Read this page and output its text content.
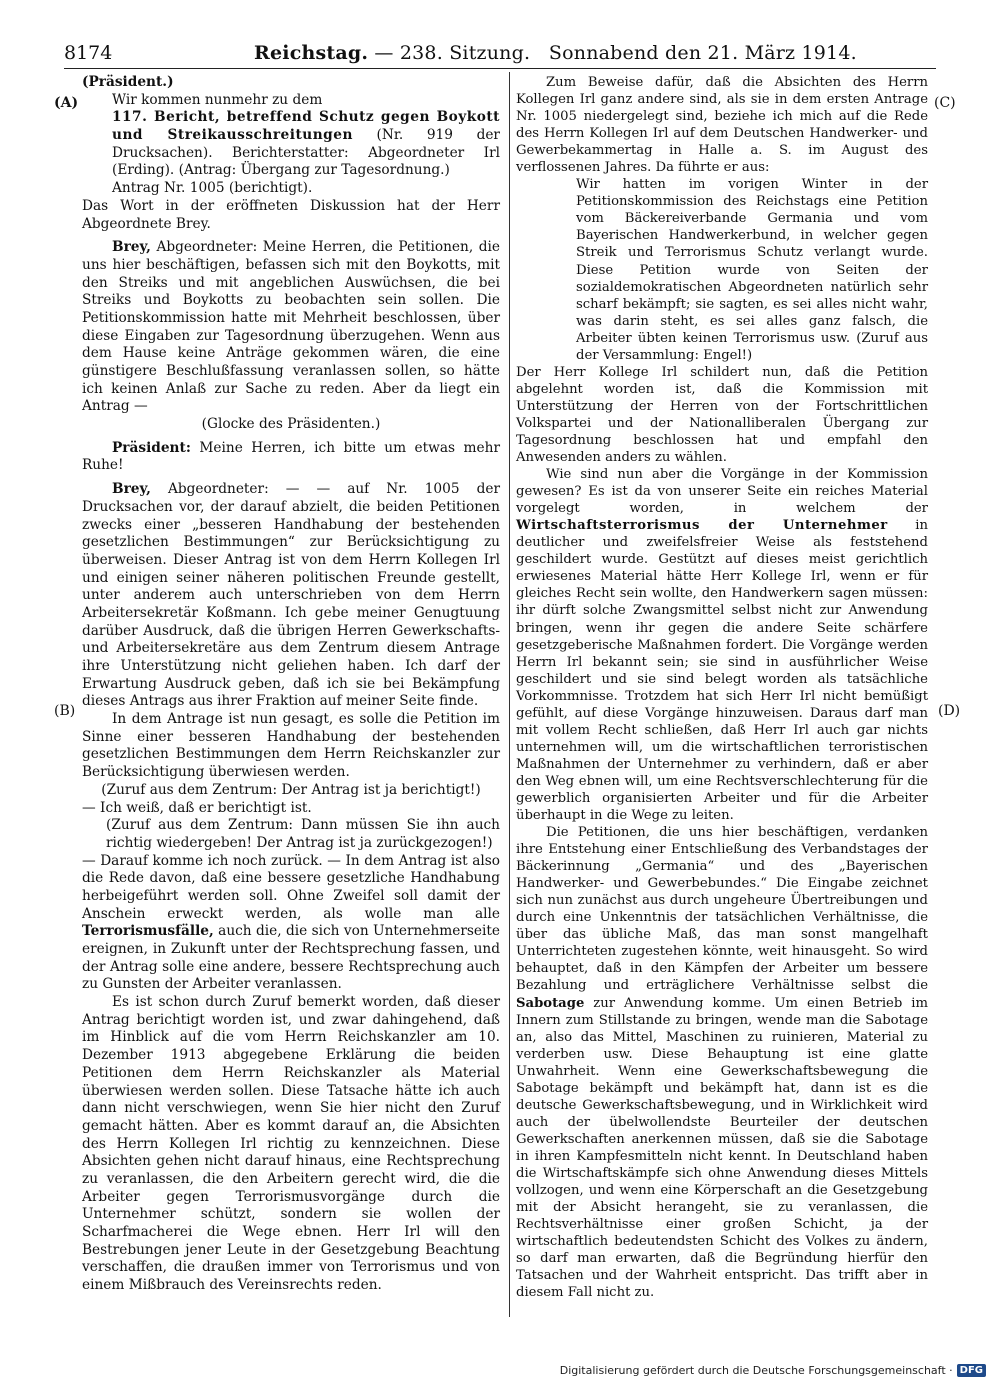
8174	Reichstag. — 238. Sitzung.   Sonnabend den 21. März 1914.
(A)
(B)
(C)
(D)

(Präsident.)

Wir kommen nunmehr zu dem

117. Bericht, betreffend Schutz gegen Boykott und Streikausschreitungen (Nr. 919 der Drucksachen). Berichterstatter: Abgeordneter Irl (Erding). (Antrag: Übergang zur Tagesordnung.)

Antrag Nr. 1005 (berichtigt).

Das Wort in der eröffneten Diskussion hat der Herr Abgeordnete Brey.

Brey, Abgeordneter: Meine Herren, die Petitionen, die uns hier beschäftigen, befassen sich mit den Boykotts, mit den Streiks und mit angeblichen Auswüchsen, die bei Streiks und Boykotts zu beobachten sein sollen. Die Petitionskommission hatte mit Mehrheit beschlossen, über diese Eingaben zur Tagesordnung überzugehen. Wenn aus dem Hause keine Anträge gekommen wären, die eine günstigere Beschlußfassung veranlassen sollen, so hätte ich keinen Anlaß zur Sache zu reden. Aber da liegt ein Antrag —

(Glocke des Präsidenten.)

Präsident: Meine Herren, ich bitte um etwas mehr Ruhe!

Brey, Abgeordneter: — — auf Nr. 1005 der Drucksachen vor, der darauf abzielt, die beiden Petitionen zwecks einer „besseren Handhabung der bestehenden gesetzlichen Bestimmungen“ zur Berücksichtigung zu überweisen. Dieser Antrag ist von dem Herrn Kollegen Irl und einigen seiner näheren politischen Freunde gestellt, unter anderem auch unterschrieben von dem Herrn Arbeitersekretär Koßmann. Ich gebe meiner Genugtuung darüber Ausdruck, daß die übrigen Herren Gewerkschafts- und Arbeitersekretäre aus dem Zentrum diesem Antrage ihre Unterstützung nicht geliehen haben. Ich darf der Erwartung Ausdruck geben, daß ich sie bei Bekämpfung dieses Antrags aus ihrer Fraktion auf meiner Seite finde.

In dem Antrage ist nun gesagt, es solle die Petition im Sinne einer besseren Handhabung der bestehenden gesetzlichen Bestimmungen dem Herrn Reichskanzler zur Berücksichtigung überwiesen werden.

(Zuruf aus dem Zentrum: Der Antrag ist ja berichtigt!)

— Ich weiß, daß er berichtigt ist.

(Zuruf aus dem Zentrum: Dann müssen Sie ihn auch richtig wiedergeben! Der Antrag ist ja zurückgezogen!)

— Darauf komme ich noch zurück. — In dem Antrag ist also die Rede davon, daß eine bessere gesetzliche Handhabung herbeigeführt werden soll. Ohne Zweifel soll damit der Anschein erweckt werden, als wolle man alle Terrorismusfälle, auch die, die sich von Unternehmerseite ereignen, in Zukunft unter der Rechtsprechung fassen, und der Antrag solle eine andere, bessere Rechtsprechung auch zu Gunsten der Arbeiter veranlassen.

Es ist schon durch Zuruf bemerkt worden, daß dieser Antrag berichtigt worden ist, und zwar dahingehend, daß im Hinblick auf die vom Herrn Reichskanzler am 10. Dezember 1913 abgegebene Erklärung die beiden Petitionen dem Herrn Reichskanzler als Material überwiesen werden sollen. Diese Tatsache hätte ich auch dann nicht verschwiegen, wenn Sie hier nicht den Zuruf gemacht hätten. Aber es kommt darauf an, die Absichten des Herrn Kollegen Irl richtig zu kennzeichnen. Diese Absichten gehen nicht darauf hinaus, eine Rechtsprechung zu veranlassen, die den Arbeitern gerecht wird, die die Arbeiter gegen Terrorismusvorgänge durch die Unternehmer schützt, sondern sie wollen der Scharfmacherei die Wege ebnen. Herr Irl will den Bestrebungen jener Leute in der Gesetzgebung Beachtung verschaffen, die draußen immer von Terrorismus und von einem Mißbrauch des Vereinsrechts reden.

Zum Beweise dafür, daß die Absichten des Herrn Kollegen Irl ganz andere sind, als sie in dem ersten Antrage Nr. 1005 niedergelegt sind, beziehe ich mich auf die Rede des Herrn Kollegen Irl auf dem Deutschen Handwerker- und Gewerbekammertag in Halle a. S. im August des verflossenen Jahres. Da führte er aus:

Wir hatten im vorigen Winter in der Petitionskommission des Reichstags eine Petition vom Bäckereiverbande Germania und vom Bayerischen Handwerkerbund, in welcher gegen Streik und Terrorismus Schutz verlangt wurde. Diese Petition wurde von Seiten der sozialdemokratischen Abgeordneten natürlich sehr scharf bekämpft; sie sagten, es sei alles nicht wahr, was darin steht, es sei alles ganz falsch, die Arbeiter übten keinen Terrorismus usw. (Zuruf aus der Versammlung: Engel!)

Der Herr Kollege Irl schildert nun, daß die Petition abgelehnt worden ist, daß die Kommission mit Unterstützung der Herren von der Fortschrittlichen Volkspartei und der Nationalliberalen Übergang zur Tagesordnung beschlossen hat und empfahl den Anwesenden anders zu wählen.

Wie sind nun aber die Vorgänge in der Kommission gewesen? Es ist da von unserer Seite ein reiches Material vorgelegt worden, in welchem der Wirtschaftsterrorismus der Unternehmer in deutlicher und zweifelsfreier Weise als feststehend geschildert wurde. Gestützt auf dieses meist gerichtlich erwiesenes Material hätte Herr Kollege Irl, wenn er für gleiches Recht sein wollte, den Handwerkern sagen müssen: ihr dürft solche Zwangsmittel selbst nicht zur Anwendung bringen, wenn ihr gegen die andere Seite schärfere gesetzgeberische Maßnahmen fordert. Die Vorgänge werden Herrn Irl bekannt sein; sie sind in ausführlicher Weise geschildert und sie sind belegt worden als tatsächliche Vorkommnisse. Trotzdem hat sich Herr Irl nicht bemüßigt gefühlt, auf diese Vorgänge hinzuweisen. Daraus darf man mit vollem Recht schließen, daß Herr Irl auch gar nichts unternehmen will, um die wirtschaftlichen terroristischen Maßnahmen der Unternehmer zu verhindern, daß er aber den Weg ebnen will, um eine Rechtsverschlechterung für die gewerblich organisierten Arbeiter und für die Arbeiter überhaupt in die Wege zu leiten.

Die Petitionen, die uns hier beschäftigen, verdanken ihre Entstehung einer Entschließung des Verbandstages der Bäckerinnung „Germania“ und des „Bayerischen Handwerker- und Gewerbebundes.“ Die Eingabe zeichnet sich nun zunächst aus durch ungeheure Übertreibungen und durch eine Unkenntnis der tatsächlichen Verhältnisse, die über das übliche Maß, das man sonst mangelhaft Unterrichteten zugestehen könnte, weit hinausgeht. So wird behauptet, daß in den Kämpfen der Arbeiter um bessere Bezahlung und erträglichere Verhältnisse selbst die Sabotage zur Anwendung komme. Um einen Betrieb im Innern zum Stillstande zu bringen, wende man die Sabotage an, also das Mittel, Maschinen zu ruinieren, Material zu verderben usw. Diese Behauptung ist eine glatte Unwahrheit. Wenn eine Gewerkschaftsbewegung die Sabotage bekämpft und bekämpft hat, dann ist es die deutsche Gewerkschaftsbewegung, und in Wirklichkeit wird auch der übelwollendste Beurteiler der deutschen Gewerkschaften anerkennen müssen, daß sie die Sabotage in ihren Kampfesmitteln nicht kennt. In Deutschland haben die Wirtschaftskämpfe sich ohne Anwendung dieses Mittels vollzogen, und wenn eine Körperschaft an die Gesetzgebung mit der Absicht herangeht, sie zu veranlassen, die Rechtsverhältnisse einer großen Schicht, ja der wirtschaftlich bedeutendsten Schicht des Volkes zu ändern, so darf man erwarten, daß die Begründung hierfür den Tatsachen und der Wahrheit entspricht. Das trifft aber in diesem Fall nicht zu.

Digitalisierung gefördert durch die Deutsche Forschungsgemeinschaft · DFG
